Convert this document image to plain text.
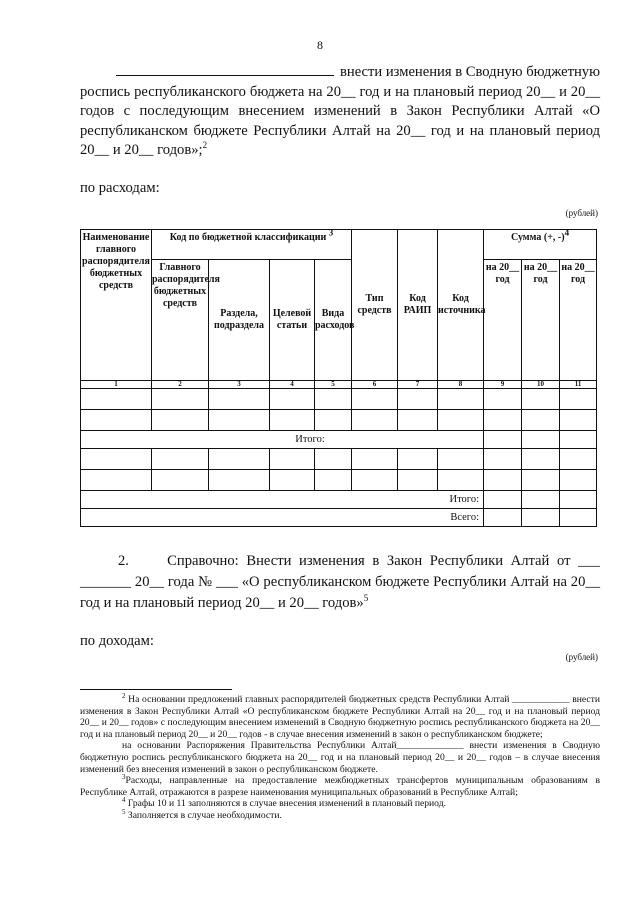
8

внести изменения в Сводную бюджетную

роспись республиканского бюджета на 20__ год и на плановый период 20__ и 20__ годов с последующим внесением изменений в Закон Республики Алтай «О республиканском бюджете Республики Алтай на 20__ год и на плановый период 20__ и 20__ годов»;$^2$

по расходам:
(рублей)
Наименование главного распорядителя бюджетных средств	Код по бюджетной классификации 3				Тип средств	Код РАИП	Код источника	Сумма (+, -)4		
	Главного распорядителя бюджетных средств	Раздела, подраздела	Целевой статьи	Вида расходов				на 20__ год	на 20__ год	на 20__ год
1	2	3	4	5	6	7	8	9	10	11

Итого:										

Итого:										
Всего:										
2.	Справочно: Внести изменения в Закон Республики Алтай от ___ _______ 20__ года № ___ «О республиканском бюджете Республики Алтай на 20__ год и на плановый период 20__ и 20__ годов»$^5$
по доходам:
(рублей)

$^2$ На основании предложений главных распорядителей бюджетных средств Республики Алтай ____________ внести изменения в Закон Республики Алтай «О республиканском бюджете Республики Алтай на 20__ год и на плановый период 20__ и 20__ годов» с последующим внесением изменений в Сводную бюджетную роспись республиканского бюджета на 20__ год и на плановый период 20__ и 20__ годов - в случае внесения изменений в закон о республиканском бюджете;

на основании Распоряжения Правительства Республики Алтай______________ внести изменения в Сводную бюджетную роспись республиканского бюджета на 20__ год и на плановый период 20__ и 20__ годов – в случае внесения изменений без внесения изменений в закон о республиканском бюджете.

$^3$Расходы, направленные на предоставление межбюджетных трансфертов муниципальным образованиям в Республике Алтай, отражаются в разрезе наименования муниципальных образований в Республике Алтай;

$^4$ Графы 10 и 11 заполняются в случае внесения изменений в плановый период.

$^5$ Заполняется в случае необходимости.
